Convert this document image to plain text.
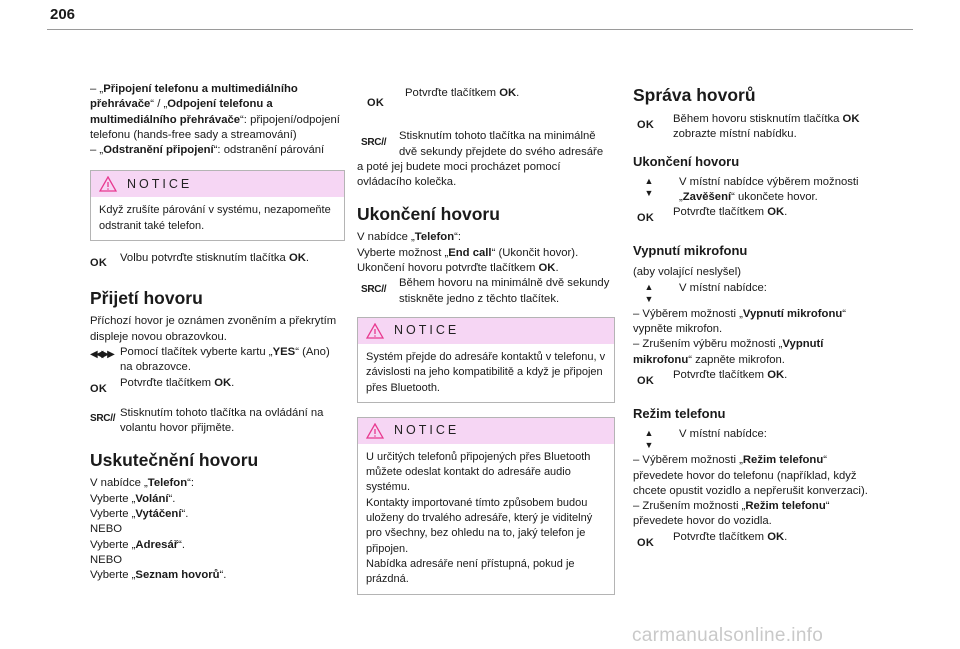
206

– „Připojení telefonu a multimediálního přehrávače“ / „Odpojení telefonu a multimediálního přehrávače“: připojení/odpojení telefonu (hands-free sady a streamování)

– „Odstranění připojení“: odstranění párování

NOTICE
Když zrušíte párování v systému, nezapomeňte odstranit také telefon.
OK Volbu potvrďte stisknutím tlačítka OK.

Přijetí hovoru

Příchozí hovor je oznámen zvoněním a překrytím displeje novou obrazovkou.

◀◀▶▶ Pomocí tlačítek vyberte kartu „YES“ (Ano) na obrazovce.

OK Potvrďte tlačítkem OK.

SRC// Stisknutím tohoto tlačítka na ovládání na volantu hovor přijměte.

Uskutečnění hovoru

V nabídce „Telefon“:

Vyberte „Volání“.

Vyberte „Vytáčení“.

NEBO

Vyberte „Adresář“.

NEBO

Vyberte „Seznam hovorů“.

OK

Potvrďte tlačítkem OK.

SRC//

Stisknutím tohoto tlačítka na minimálně dvě sekundy přejdete do svého adresáře

a poté jej budete moci procházet pomocí ovládacího kolečka.

Ukončení hovoru

V nabídce „Telefon“:

Vyberte možnost „End call“ (Ukončit hovor).

Ukončení hovoru potvrďte tlačítkem OK.

SRC//

Během hovoru na minimálně dvě sekundy stiskněte jedno z těchto tlačítek.

NOTICE
Systém přejde do adresáře kontaktů v telefonu, v závislosti na jeho kompatibilitě a když je připojen přes Bluetooth.
NOTICE

U určitých telefonů připojených přes Bluetooth můžete odeslat kontakt do adresáře audio systému.

Kontakty importované tímto způsobem budou uloženy do trvalého adresáře, který je viditelný pro všechny, bez ohledu na to, jaký telefon je připojen.

Nabídka adresáře není přístupná, pokud je prázdná.

Správa hovorů

OK Během hovoru stisknutím tlačítka OK zobrazte místní nabídku.

Ukončení hovoru

▲
▼

V místní nabídce výběrem možnosti „Zavěšení“ ukončete hovor.

OK Potvrďte tlačítkem OK.

Vypnutí mikrofonu

(aby volající neslyšel)

▲
▼

V místní nabídce:

– Výběrem možnosti „Vypnutí mikrofonu“ vypněte mikrofon.

– Zrušením výběru možnosti „Vypnutí mikrofonu“ zapněte mikrofon.

OK Potvrďte tlačítkem OK.

Režim telefonu

▲
▼

V místní nabídce:

– Výběrem možnosti „Režim telefonu“ převedete hovor do telefonu (například, když chcete opustit vozidlo a nepřerušit konverzaci).

– Zrušením možnosti „Režim telefonu“ převedete hovor do vozidla.

OK Potvrďte tlačítkem OK.

carmanualsonline.info
